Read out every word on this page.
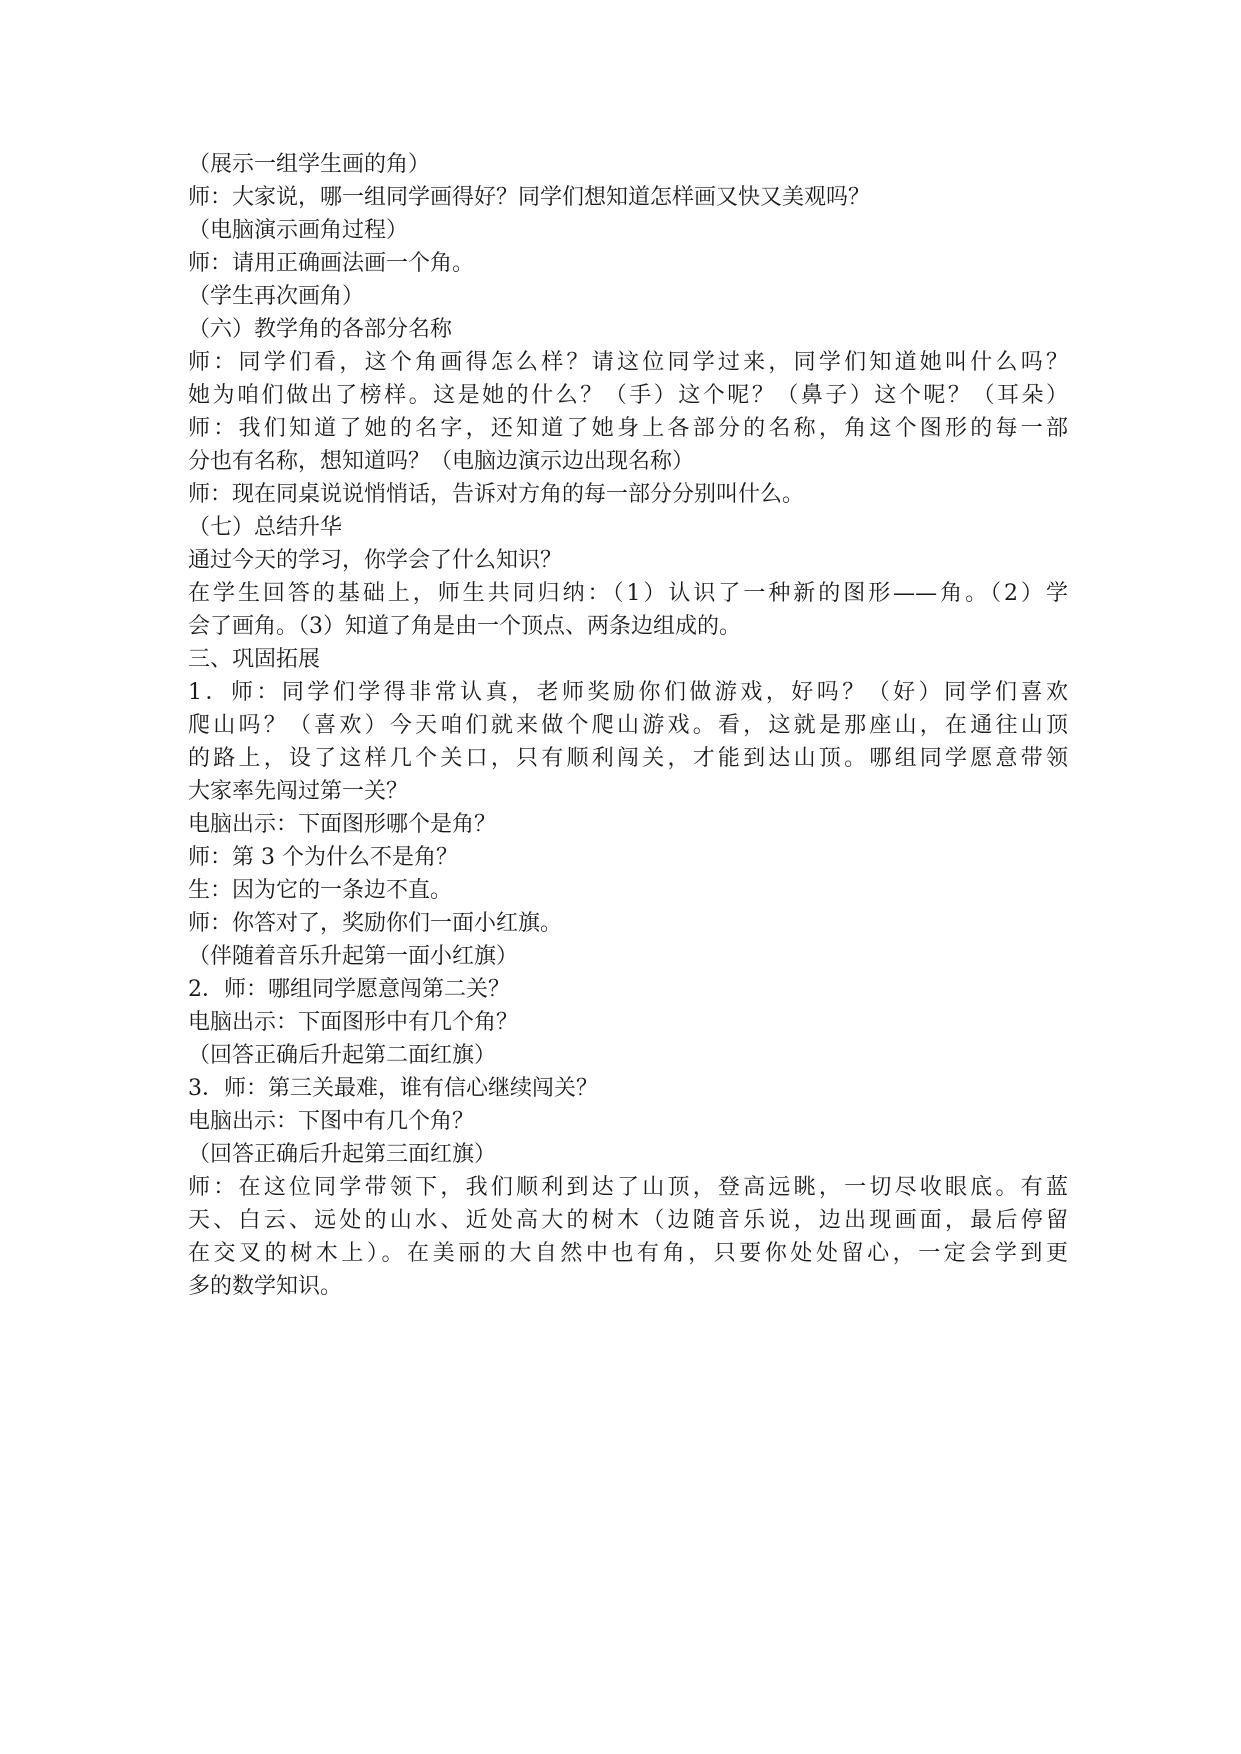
（展示一组学生画的角）
师：大家说，哪一组同学画得好？同学们想知道怎样画又快又美观吗？
（电脑演示画角过程）
师：请用正确画法画一个角。
（学生再次画角）
（六）教学角的各部分名称
师：同学们看，这个角画得怎么样？请这位同学过来，同学们知道她叫什么吗？
她为咱们做出了榜样。这是她的什么？（手）这个呢？（鼻子）这个呢？（耳朵）
师：我们知道了她的名字，还知道了她身上各部分的名称，角这个图形的每一部
分也有名称，想知道吗？（电脑边演示边出现名称）
师：现在同桌说说悄悄话，告诉对方角的每一部分分别叫什么。
（七）总结升华
通过今天的学习，你学会了什么知识？
在学生回答的基础上，师生共同归纳：（1）认识了一种新的图形——角。（2）学
会了画角。（3）知道了角是由一个顶点、两条边组成的。
三、巩固拓展
1．师：同学们学得非常认真，老师奖励你们做游戏，好吗？（好）同学们喜欢
爬山吗？（喜欢）今天咱们就来做个爬山游戏。看，这就是那座山，在通往山顶
的路上，设了这样几个关口，只有顺利闯关，才能到达山顶。哪组同学愿意带领
大家率先闯过第一关？
电脑出示：下面图形哪个是角？
师：第 3 个为什么不是角？
生：因为它的一条边不直。
师：你答对了，奖励你们一面小红旗。
（伴随着音乐升起第一面小红旗）
2．师：哪组同学愿意闯第二关？
电脑出示：下面图形中有几个角？
（回答正确后升起第二面红旗）
3．师：第三关最难，谁有信心继续闯关？
电脑出示：下图中有几个角？
（回答正确后升起第三面红旗）
师：在这位同学带领下，我们顺利到达了山顶，登高远眺，一切尽收眼底。有蓝
天、白云、远处的山水、近处高大的树木（边随音乐说，边出现画面，最后停留
在交叉的树木上）。在美丽的大自然中也有角，只要你处处留心，一定会学到更
多的数学知识。
